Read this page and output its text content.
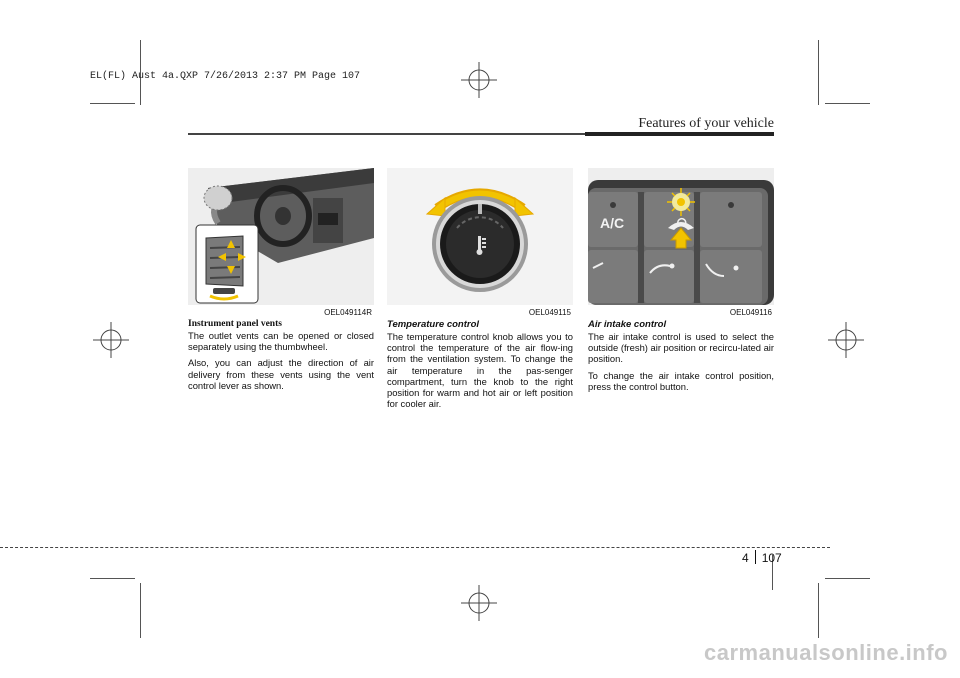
EL(FL) Aust 4a.QXP 7/26/2013 2:37 PM Page 107
Features of your vehicle
OEL049114R
Instrument panel vents

The outlet vents can be opened or closed separately using the thumbwheel.

Also, you can adjust the direction of air delivery from these vents using the vent control lever as shown.

OEL049115
Temperature control

The temperature control knob allows you to control the temperature of the air flow-ing from the ventilation system. To change the air temperature in the pas-senger compartment, turn the knob to the right position for warm and hot air or left position for cooler air.

A/C
OEL049116
Air intake control

The air intake control is used to select the outside (fresh) air position or recircu-lated air position.

To change the air intake control position, press the control button.

4 107
carmanualsonline.info
